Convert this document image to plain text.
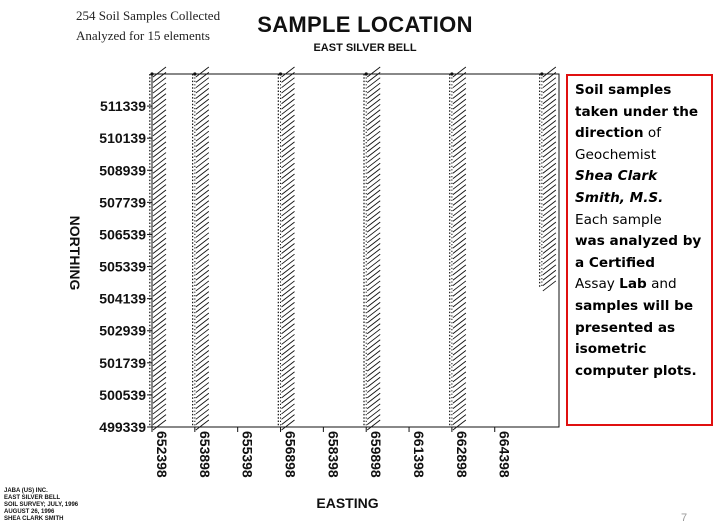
254 Soil Samples Collected
Analyzed for 15 elements	SAMPLE LOCATION
EAST SILVER BELL
511339
510139
508939
507739
506539
505339
504139
502939
501739
500539
499339
652398 653898 655398 656898 658398 659898 661398 662898 664398
EASTING
NORTHING
Soil samples
taken under the
direction of
Geochemist
Shea Clark
Smith, M.S.
Each sample
was analyzed by
a Certified
Assay Lab and
samples will be
presented as
isometric
computer plots.
JABA (US) INC.
EAST SILVER BELL
SOIL SURVEY; JULY, 1996
AUGUST 26, 1996
SHEA CLARK SMITH	7
